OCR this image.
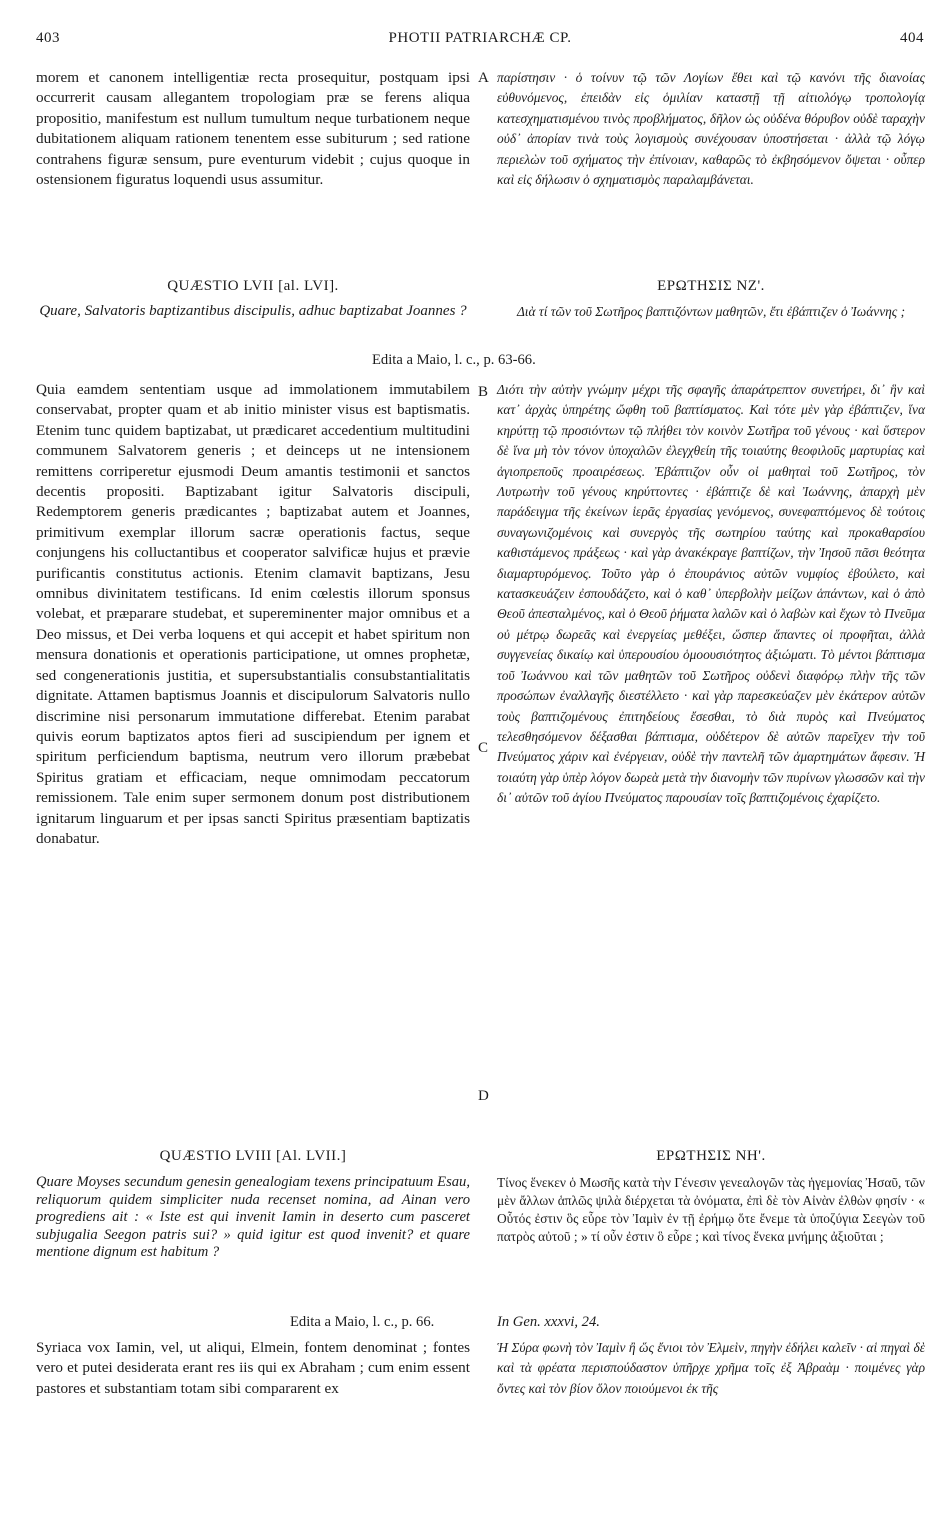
403	PHOTII PATRIARCHÆ CP.	404
A
B
C
D

morem et canonem intelligentiæ recta prosequitur, postquam ipsi occurrerit causam allegantem tropologiam præ se ferens aliqua propositio, manifestum est nullum tumultum neque turbationem neque dubitationem aliquam rationem tenentem esse subiturum ; sed ratione contrahens figuræ sensum, pure eventurum videbit ; cujus quoque in ostensionem figuratus loquendi usus assumitur.

παρίστησιν · ὁ τοίνυν τῷ τῶν Λογίων ἔθει καὶ τῷ κανόνι τῆς διανοίας εὐθυνόμενος, ἐπειδὰν εἰς ὁμιλίαν καταστῇ τῇ αἰτιολόγῳ τροπολογίᾳ κατεσχηματισμένου τινὸς προβλήματος, δῆλον ὡς οὐδένα θόρυβον οὐδὲ ταραχὴν οὐδ᾽ ἀπορίαν τινὰ τοὺς λογισμοὺς συνέχουσαν ὑποστήσεται · ἀλλὰ τῷ λόγῳ περιελὼν τοῦ σχήματος τὴν ἐπίνοιαν, καθαρῶς τὸ ἐκβησόμενον ὄψεται · οὗπερ καὶ εἰς δήλωσιν ὁ σχηματισμὸς παραλαμβάνεται.

QUÆSTIO LVII [al. LVI].	ΕΡΩΤΗΣΙΣ ΝΖ'.
Quare, Salvatoris baptizantibus discipulis, adhuc baptizabat Joannes ?	Διὰ τί τῶν τοῦ Σωτῆρος βαπτιζόντων μαθητῶν, ἔτι ἐβάπτιζεν ὁ Ἰωάννης ;
Edita a Maio, l. c., p. 63-66.

Quia eamdem sententiam usque ad immolationem immutabilem conservabat, propter quam et ab initio minister visus est baptismatis. Etenim tunc quidem baptizabat, ut prædicaret accedentium multitudini communem Salvatorem generis ; et deinceps ut ne intensionem remittens corriperetur ejusmodi Deum amantis testimonii et sanctos decentis propositi. Baptizabant igitur Salvatoris discipuli, Redemptorem generis prædicantes ; baptizabat autem et Joannes, primitivum exemplar illorum sacræ operationis factus, seque conjungens his colluctantibus et cooperator salvificæ hujus et prævie purificantis constitutus actionis. Etenim clamavit baptizans, Jesu omnibus divinitatem testificans. Id enim cœlestis illorum sponsus volebat, et præparare studebat, et supereminenter major omnibus et a Deo missus, et Dei verba loquens et qui accepit et habet spiritum non mensura donationis et operationis participatione, ut omnes prophetæ, sed congenerationis justitia, et supersubstantialis consubstantialitatis dignitate. Attamen baptismus Joannis et discipulorum Salvatoris nullo discrimine nisi personarum immutatione differebat. Etenim parabat quivis eorum baptizatos aptos fieri ad suscipiendum per ignem et spiritum perficiendum baptisma, neutrum vero illorum præbebat Spiritus gratiam et efficaciam, neque omnimodam peccatorum remissionem. Tale enim super sermonem donum post distributionem ignitarum linguarum et per ipsas sancti Spiritus præsentiam baptizatis donabatur.

Διότι τὴν αὐτὴν γνώμην μέχρι τῆς σφαγῆς ἀπαράτρεπτον συνετήρει, δι᾽ ἣν καὶ κατ᾽ ἀρχὰς ὑπηρέτης ὤφθη τοῦ βαπτίσματος. Καὶ τότε μὲν γὰρ ἐβάπτιζεν, ἵνα κηρύττῃ τῷ προσιόντων τῷ πλήθει τὸν κοινὸν Σωτῆρα τοῦ γένους · καὶ ὕστερον δὲ ἵνα μὴ τὸν τόνον ὑποχαλῶν ἐλεγχθείη τῆς τοιαύτης θεοφιλοῦς μαρτυρίας καὶ ἁγιοπρεποῦς προαιρέσεως. Ἐβάπτιζον οὖν οἱ μαθηταὶ τοῦ Σωτῆρος, τὸν Λυτρωτὴν τοῦ γένους κηρύττοντες · ἐβάπτιζε δὲ καὶ Ἰωάννης, ἀπαρχὴ μὲν παράδειγμα τῆς ἐκείνων ἱερᾶς ἐργασίας γενόμενος, συνεφαπτόμενος δὲ τούτοις συναγωνιζομένοις καὶ συνεργὸς τῆς σωτηρίου ταύτης καὶ προκαθαρσίου καθιστάμενος πράξεως · καὶ γὰρ ἀνακέκραγε βαπτίζων, τὴν Ἰησοῦ πᾶσι θεότητα διαμαρτυρόμενος. Τοῦτο γὰρ ὁ ἐπουράνιος αὐτῶν νυμφίος ἐβούλετο, καὶ κατασκευάζειν ἐσπουδάζετο, καὶ ὁ καθ᾽ ὑπερβολὴν μείζων ἁπάντων, καὶ ὁ ἀπὸ Θεοῦ ἀπεσταλμένος, καὶ ὁ Θεοῦ ῥήματα λαλῶν καὶ ὁ λαβὼν καὶ ἔχων τὸ Πνεῦμα οὐ μέτρῳ δωρεᾶς καὶ ἐνεργείας μεθέξει, ὥσπερ ἅπαντες οἱ προφῆται, ἀλλὰ συγγενείας δικαίῳ καὶ ὑπερουσίου ὁμοουσιότητος ἀξιώματι. Τὸ μέντοι βάπτισμα τοῦ Ἰωάννου καὶ τῶν μαθητῶν τοῦ Σωτῆρος οὐδενὶ διαφόρῳ πλὴν τῆς τῶν προσώπων ἐναλλαγῆς διεστέλλετο · καὶ γὰρ παρεσκεύαζεν μὲν ἑκάτερον αὐτῶν τοὺς βαπτιζομένους ἐπιτηδείους ἔσεσθαι, τὸ διὰ πυρὸς καὶ Πνεύματος τελεσθησόμενον δέξασθαι βάπτισμα, οὐδέτερον δὲ αὐτῶν παρεῖχεν τὴν τοῦ Πνεύματος χάριν καὶ ἐνέργειαν, οὐδὲ τὴν παντελῆ τῶν ἁμαρτημάτων ἄφεσιν. Ἡ τοιαύτη γὰρ ὑπὲρ λόγον δωρεὰ μετὰ τὴν διανομὴν τῶν πυρίνων γλωσσῶν καὶ τὴν δι᾽ αὐτῶν τοῦ ἁγίου Πνεύματος παρουσίαν τοῖς βαπτιζομένοις ἐχαρίζετο.

QUÆSTIO LVIII [Al. LVII.]	ΕΡΩΤΗΣΙΣ ΝΗ'.
Quare Moyses secundum genesin genealogiam texens principatuum Esau, reliquorum quidem simpliciter nuda recenset nomina, ad Ainan vero progrediens ait : « Iste est qui invenit Iamin in deserto cum pasceret subjugalia Seegon patris sui? » quid igitur est quod invenit? et quare mentione dignum est habitum ?
Τίνος ἕνεκεν ὁ Μωσῆς κατὰ τὴν Γένεσιν γενεαλογῶν τὰς ἡγεμονίας Ἠσαῦ, τῶν μὲν ἄλλων ἁπλῶς ψιλὰ διέρχεται τὰ ὀνόματα, ἐπὶ δὲ τὸν Αἰνὰν ἐλθὼν φησίν · « Οὗτός ἐστιν ὃς εὗρε τὸν Ἰαμὶν ἐν τῇ ἐρήμῳ ὅτε ἔνεμε τὰ ὑποζύγια Σεεγὼν τοῦ πατρὸς αὐτοῦ ; » τί οὖν ἐστιν ὃ εὗρε ; καὶ τίνος ἕνεκα μνήμης ἀξιοῦται ;
Edita a Maio, l. c., p. 66.	In Gen. xxxvi, 24.

Syriaca vox Iamin, vel, ut aliqui, Elmein, fontem denominat ; fontes vero et putei desiderata erant res iis qui ex Abraham ; cum enim essent pastores et substantiam totam sibi compararent ex

Ἡ Σύρα φωνὴ τὸν Ἰαμὶν ἢ ὥς ἔνιοι τὸν Ἐλμεὶν, πηγὴν ἐδήλει καλεῖν · αἱ πηγαὶ δὲ καὶ τὰ φρέατα περισπούδαστον ὑπῆρχε χρῆμα τοῖς ἐξ Ἀβραὰμ · ποιμένες γὰρ ὄντες καὶ τὸν βίον ὅλον ποιούμενοι ἐκ τῆς
